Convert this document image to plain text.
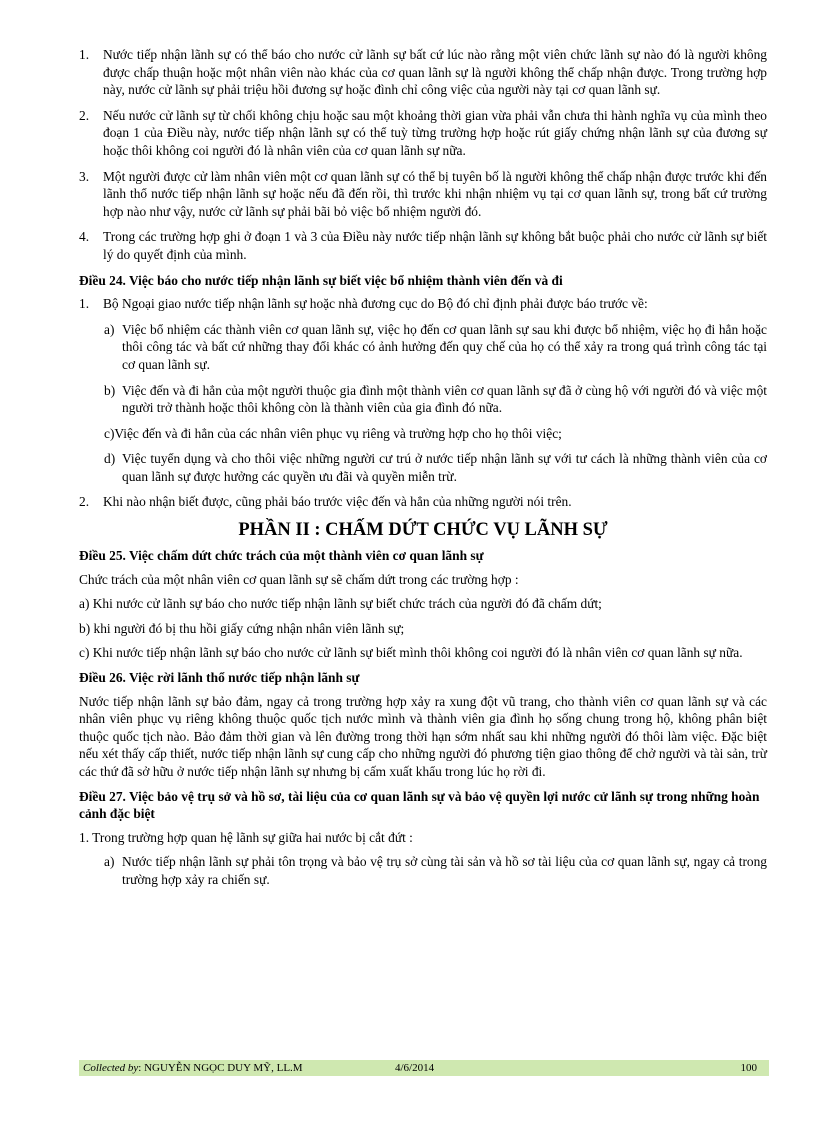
1. Nước tiếp nhận lãnh sự có thể báo cho nước cử lãnh sự bất cứ lúc nào rằng một viên chức lãnh sự nào đó là người không được chấp thuận hoặc một nhân viên nào khác của cơ quan lãnh sự là người không thể chấp nhận được. Trong trường hợp này, nước cử lãnh sự phải triệu hồi đương sự hoặc đình chỉ công việc của người này tại cơ quan lãnh sự.
2. Nếu nước cử lãnh sự từ chối không chịu hoặc sau một khoảng thời gian vừa phải vẫn chưa thi hành nghĩa vụ của mình theo đoạn 1 của Điều này, nước tiếp nhận lãnh sự có thể tuỳ từng trường hợp hoặc rút giấy chứng nhận lãnh sự của đương sự hoặc thôi không coi người đó là nhân viên của cơ quan lãnh sự nữa.
3. Một người được cử làm nhân viên một cơ quan lãnh sự có thể bị tuyên bố là người không thể chấp nhận được trước khi đến lãnh thổ nước tiếp nhận lãnh sự hoặc nếu đã đến rồi, thì trước khi nhận nhiệm vụ tại cơ quan lãnh sự, trong bất cứ trường hợp nào như vậy, nước cử lãnh sự phải bãi bỏ việc bổ nhiệm người đó.
4. Trong các trường hợp ghi ở đoạn 1 và 3 của Điều này nước tiếp nhận lãnh sự không bắt buộc phải cho nước cử lãnh sự biết lý do quyết định của mình.
Điều 24. Việc báo cho nước tiếp nhận lãnh sự biết việc bổ nhiệm thành viên đến và đi
1. Bộ Ngoại giao nước tiếp nhận lãnh sự hoặc nhà đương cục do Bộ đó chỉ định phải được báo trước về:
a) Việc bổ nhiệm các thành viên cơ quan lãnh sự, việc họ đến cơ quan lãnh sự sau khi được bổ nhiệm, việc họ đi hẳn hoặc thôi công tác và bất cứ những thay đổi khác có ảnh hưởng đến quy chế của họ có thể xảy ra trong quá trình công tác tại cơ quan lãnh sự.
b) Việc đến và đi hẳn của một người thuộc gia đình một thành viên cơ quan lãnh sự đã ở cùng hộ với người đó và việc một người trở thành hoặc thôi không còn là thành viên của gia đình đó nữa.
c)Việc đến và đi hẳn của các nhân viên phục vụ riêng và trường hợp cho họ thôi việc;
d) Việc tuyển dụng và cho thôi việc những người cư trú ở nước tiếp nhận lãnh sự với tư cách là những thành viên của cơ quan lãnh sự được hưởng các quyền ưu đãi và quyền miễn trừ.
2. Khi nào nhận biết được, cũng phải báo trước việc đến và hẳn của những người nói trên.
PHẦN II : CHẤM DỨT CHỨC VỤ LÃNH SỰ
Điều 25. Việc chấm dứt chức trách của một thành viên cơ quan lãnh sự
Chức trách của một nhân viên cơ quan lãnh sự sẽ chấm dứt trong các trường hợp :
a) Khi nước cử lãnh sự báo cho nước tiếp nhận lãnh sự biết chức trách của người đó đã chấm dứt;
b) khi người đó bị thu hồi giấy cứng nhận nhân viên lãnh sự;
c) Khi nước tiếp nhận lãnh sự báo cho nước cử lãnh sự biết mình thôi không coi người đó là nhân viên cơ quan lãnh sự nữa.
Điều 26. Việc rời lãnh thổ nước tiếp nhận lãnh sự
Nước tiếp nhận lãnh sự bảo đảm, ngay cả trong trường hợp xảy ra xung đột vũ trang, cho thành viên cơ quan lãnh sự và các nhân viên phục vụ riêng không thuộc quốc tịch nước mình và thành viên gia đình họ sống chung trong hộ, không phân biệt thuộc quốc tịch nào. Bảo đảm thời gian và lên đường trong thời hạn sớm nhất sau khi những người đó thôi làm việc. Đặc biệt nếu xét thấy cấp thiết, nước tiếp nhận lãnh sự cung cấp cho những người đó phương tiện giao thông để chở người và tài sản, trừ các thứ đã sở hữu ở nước tiếp nhận lãnh sự nhưng bị cấm xuất khẩu trong lúc họ rời đi.
Điều 27. Việc bảo vệ trụ sở và hồ sơ, tài liệu của cơ quan lãnh sự và bảo vệ quyền lợi nước cử lãnh sự trong những hoàn cảnh đặc biệt
1. Trong trường hợp quan hệ lãnh sự giữa hai nước bị cắt đứt :
a) Nước tiếp nhận lãnh sự phải tôn trọng và bảo vệ trụ sở cùng tài sản và hồ sơ tài liệu của cơ quan lãnh sự, ngay cả trong trường hợp xảy ra chiến sự.
Collected by: NGUYỄN NGỌC DUY MỸ, LL.M	4/6/2014	100
